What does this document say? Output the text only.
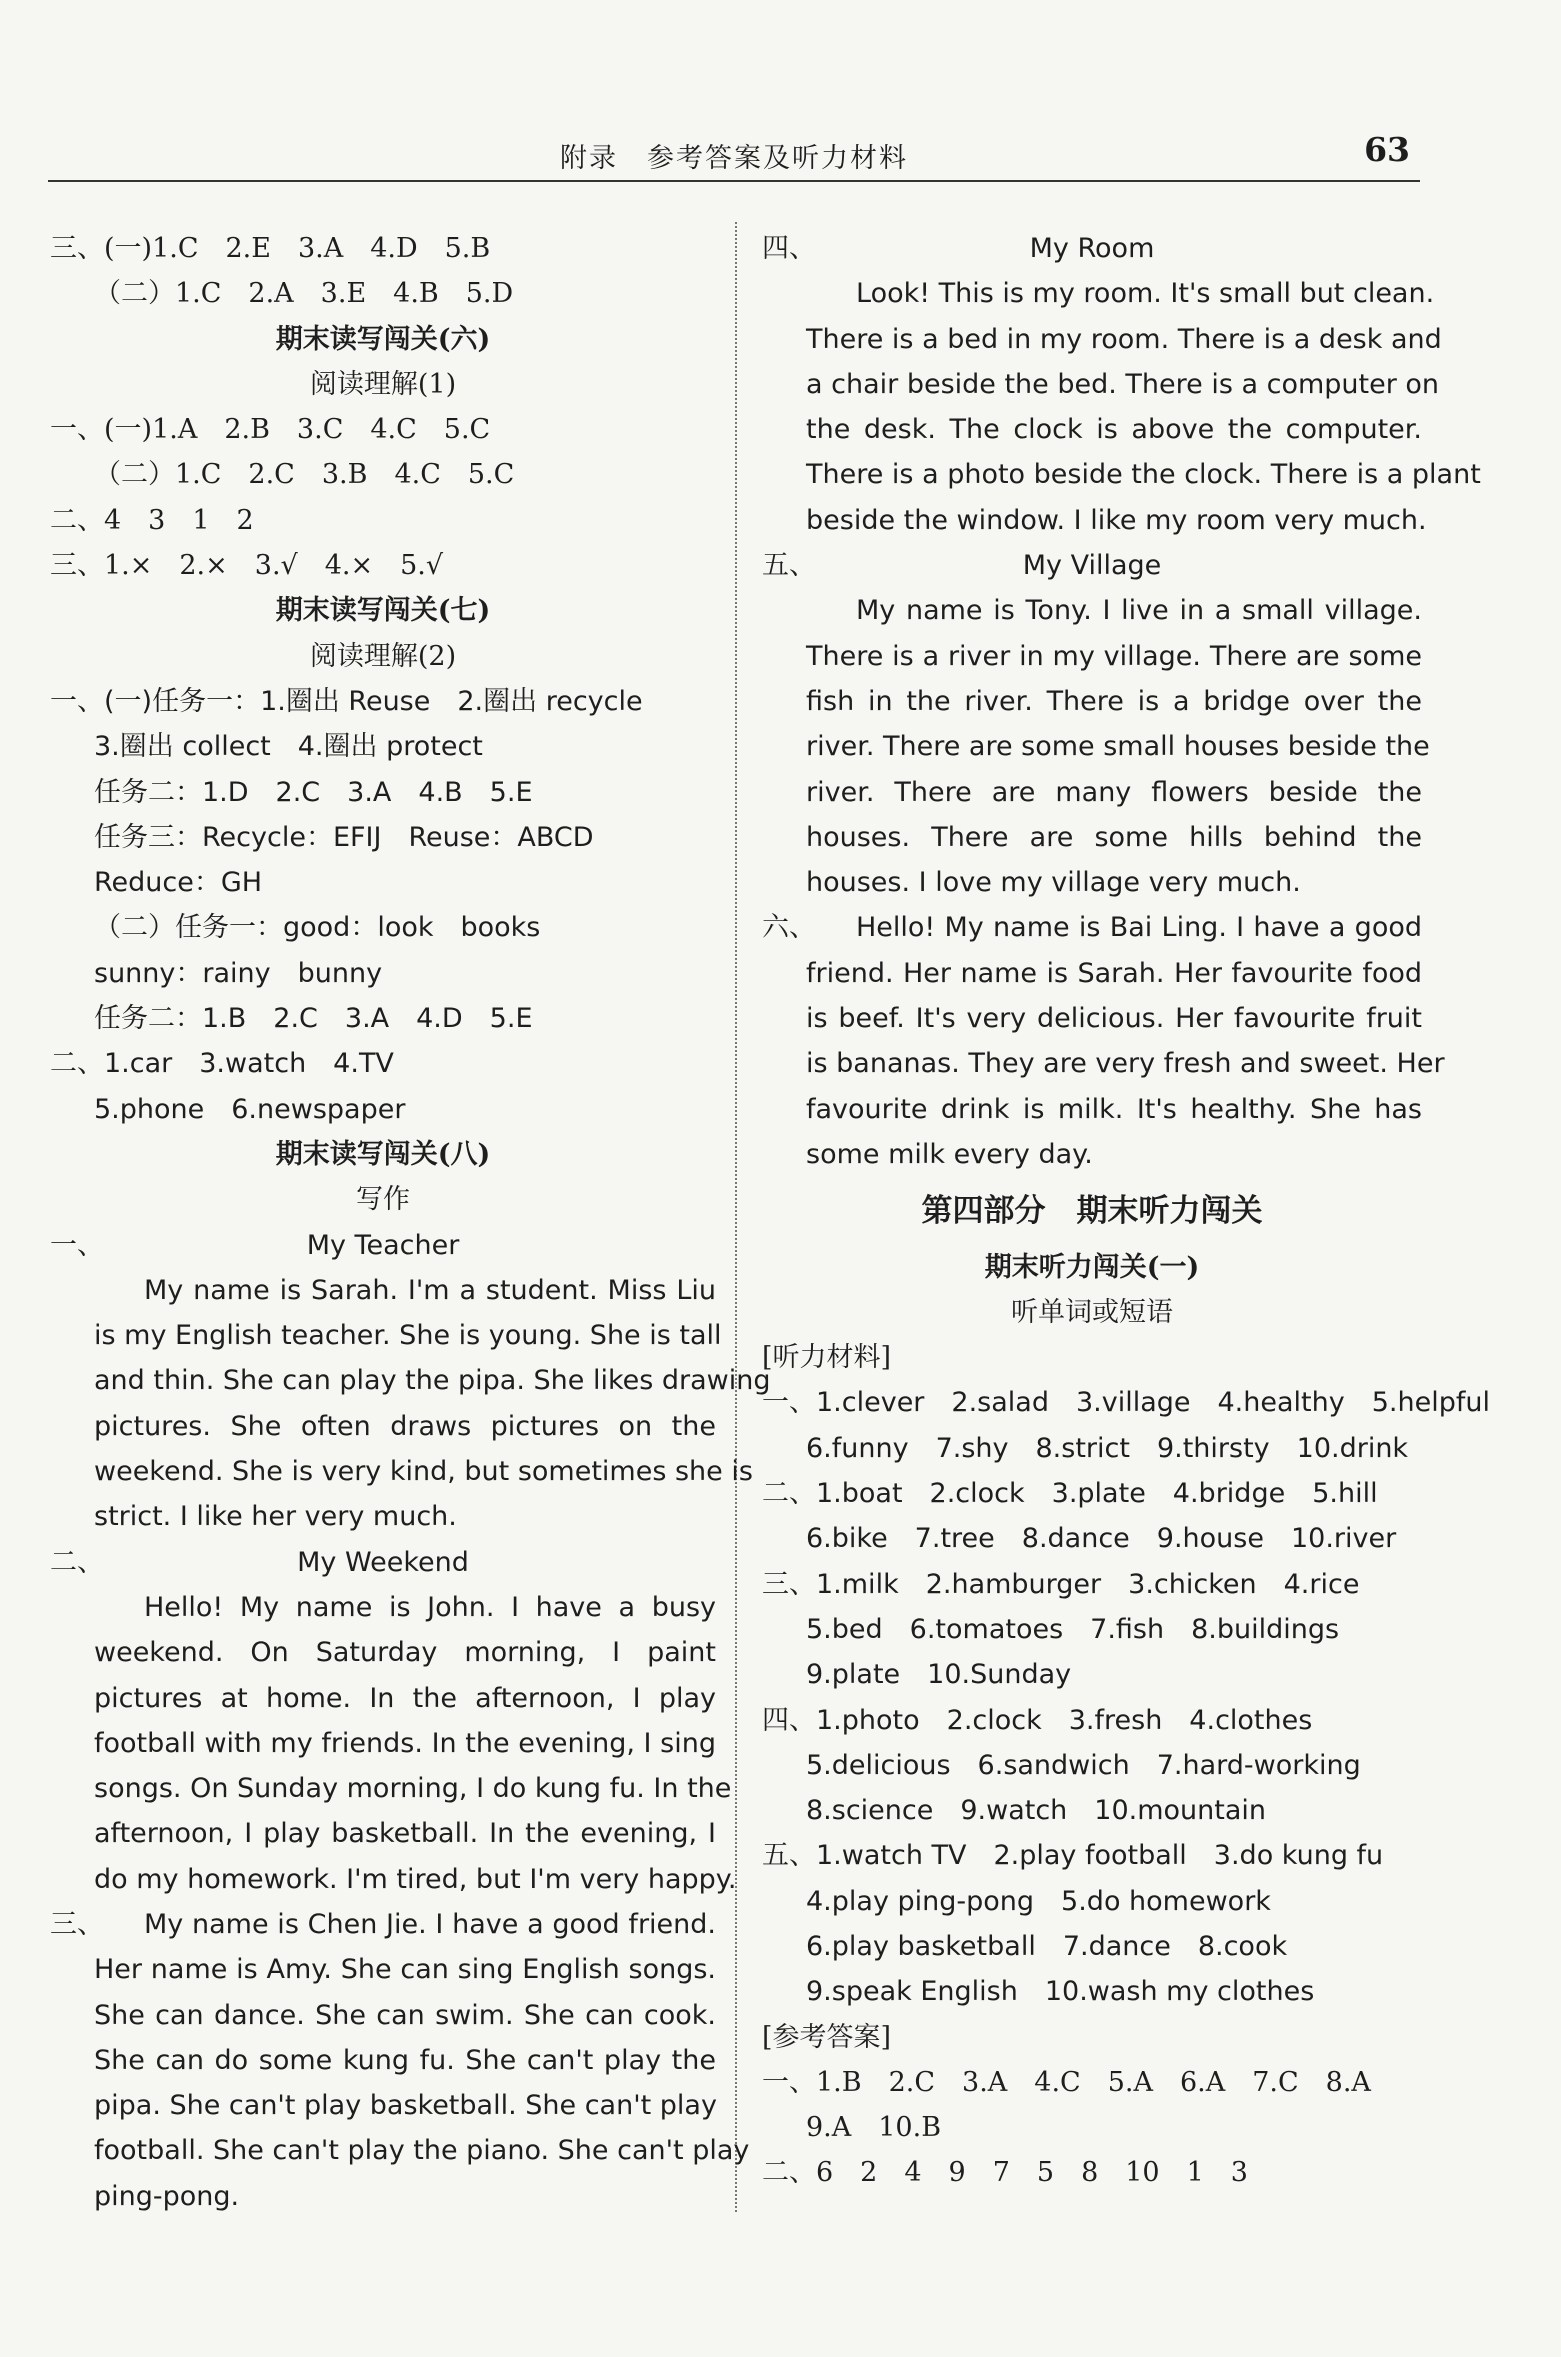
附录　参考答案及听力材料	63
三、(一)1.C　2.E　3.A　4.D　5.B
（二）1.C　2.A　3.E　4.B　5.D
期末读写闯关(六)
阅读理解(1)
一、(一)1.A　2.B　3.C　4.C　5.C
（二）1.C　2.C　3.B　4.C　5.C
二、4　3　1　2
三、1.×　2.×　3.√　4.×　5.√
期末读写闯关(七)
阅读理解(2)
一、(一)任务一：1.圈出 Reuse　2.圈出 recycle
3.圈出 collect　4.圈出 protect
任务二：1.D　2.C　3.A　4.B　5.E
任务三：Recycle：EFIJ　Reuse：ABCD
Reduce：GH
（二）任务一：good：look　books
sunny：rainy　bunny
任务二：1.B　2.C　3.A　4.D　5.E
二、1.car　3.watch　4.TV
5.phone　6.newspaper
期末读写闯关(八)
写作
一、	My Teacher
My name is Sarah. I'm a student. Miss Liu
is my English teacher. She is young. She is tall
and thin. She can play the pipa. She likes drawing
pictures. She often draws pictures on the
weekend. She is very kind, but sometimes she is
strict. I like her very much.
二、	My Weekend
Hello! My name is John. I have a busy
weekend. On Saturday morning, I paint
pictures at home. In the afternoon, I play
football with my friends. In the evening, I sing
songs. On Sunday morning, I do kung fu. In the
afternoon, I play basketball. In the evening, I
do my homework. I'm tired, but I'm very happy.
三、 My name is Chen Jie. I have a good friend.
Her name is Amy. She can sing English songs.
She can dance. She can swim. She can cook.
She can do some kung fu. She can't play the
pipa. She can't play basketball. She can't play
football. She can't play the piano. She can't play
ping-pong.
四、	My Room
Look! This is my room. It's small but clean.
There is a bed in my room. There is a desk and
a chair beside the bed. There is a computer on
the desk. The clock is above the computer.
There is a photo beside the clock. There is a plant
beside the window. I like my room very much.
五、	My Village
My name is Tony. I live in a small village.
There is a river in my village. There are some
fish in the river. There is a bridge over the
river. There are some small houses beside the
river. There are many flowers beside the
houses. There are some hills behind the
houses. I love my village very much.
六、 Hello! My name is Bai Ling. I have a good
friend. Her name is Sarah. Her favourite food
is beef. It's very delicious. Her favourite fruit
is bananas. They are very fresh and sweet. Her
favourite drink is milk. It's healthy. She has
some milk every day.
第四部分　期末听力闯关
期末听力闯关(一)
听单词或短语
[听力材料]
一、1.clever　2.salad　3.village　4.healthy　5.helpful
6.funny　7.shy　8.strict　9.thirsty　10.drink
二、1.boat　2.clock　3.plate　4.bridge　5.hill
6.bike　7.tree　8.dance　9.house　10.river
三、1.milk　2.hamburger　3.chicken　4.rice
5.bed　6.tomatoes　7.fish　8.buildings
9.plate　10.Sunday
四、1.photo　2.clock　3.fresh　4.clothes
5.delicious　6.sandwich　7.hard-working
8.science　9.watch　10.mountain
五、1.watch TV　2.play football　3.do kung fu
4.play ping-pong　5.do homework
6.play basketball　7.dance　8.cook
9.speak English　10.wash my clothes
[参考答案]
一、1.B　2.C　3.A　4.C　5.A　6.A　7.C　8.A
9.A　10.B
二、6　2　4　9　7　5　8　10　1　3
